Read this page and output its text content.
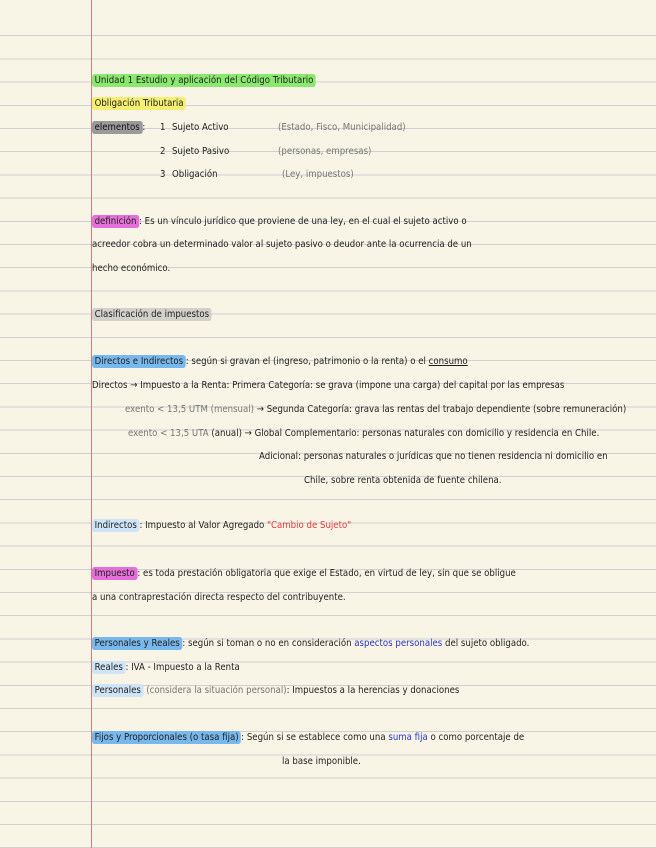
Unidad 1 Estudio y aplicación del Código Tributario
Obligación Tributaria
elementos :	1 Sujeto Activo	(Estado, Fisco, Municipalidad)
2 Sujeto Pasivo	(personas, empresas)
3 Obligación	(Ley, impuestos)
definición : Es un vínculo jurídico que proviene de una ley, en el cual el sujeto activo o
acreedor cobra un determinado valor al sujeto pasivo o deudor ante la ocurrencia de un
hecho económico.
Clasificación de impuestos
Directos e Indirectos : según si gravan el (ingreso, patrimonio o la renta) o el consumo
Directos → Impuesto a la Renta: Primera Categoría: se grava (impone una carga) del capital por las empresas
exento < 13,5 UTM (mensual) → Segunda Categoría: grava las rentas del trabajo dependiente (sobre remuneración)
exento < 13,5 UTA (anual) → Global Complementario: personas naturales con domicilio y residencia en Chile.
Adicional: personas naturales o jurídicas que no tienen residencia ni domicilio en
Chile, sobre renta obtenida de fuente chilena.
Indirectos : Impuesto al Valor Agregado "Cambio de Sujeto"
Impuesto : es toda prestación obligatoria que exige el Estado, en virtud de ley, sin que se obligue
a una contraprestación directa respecto del contribuyente.
Personales y Reales : según si toman o no en consideración aspectos personales del sujeto obligado.
Reales : IVA - Impuesto a la Renta
Personales (considera la situación personal): Impuestos a la herencias y donaciones
Fijos y Proporcionales (o tasa fija) : Según si se establece como una suma fija o como porcentaje de
la base imponible.
